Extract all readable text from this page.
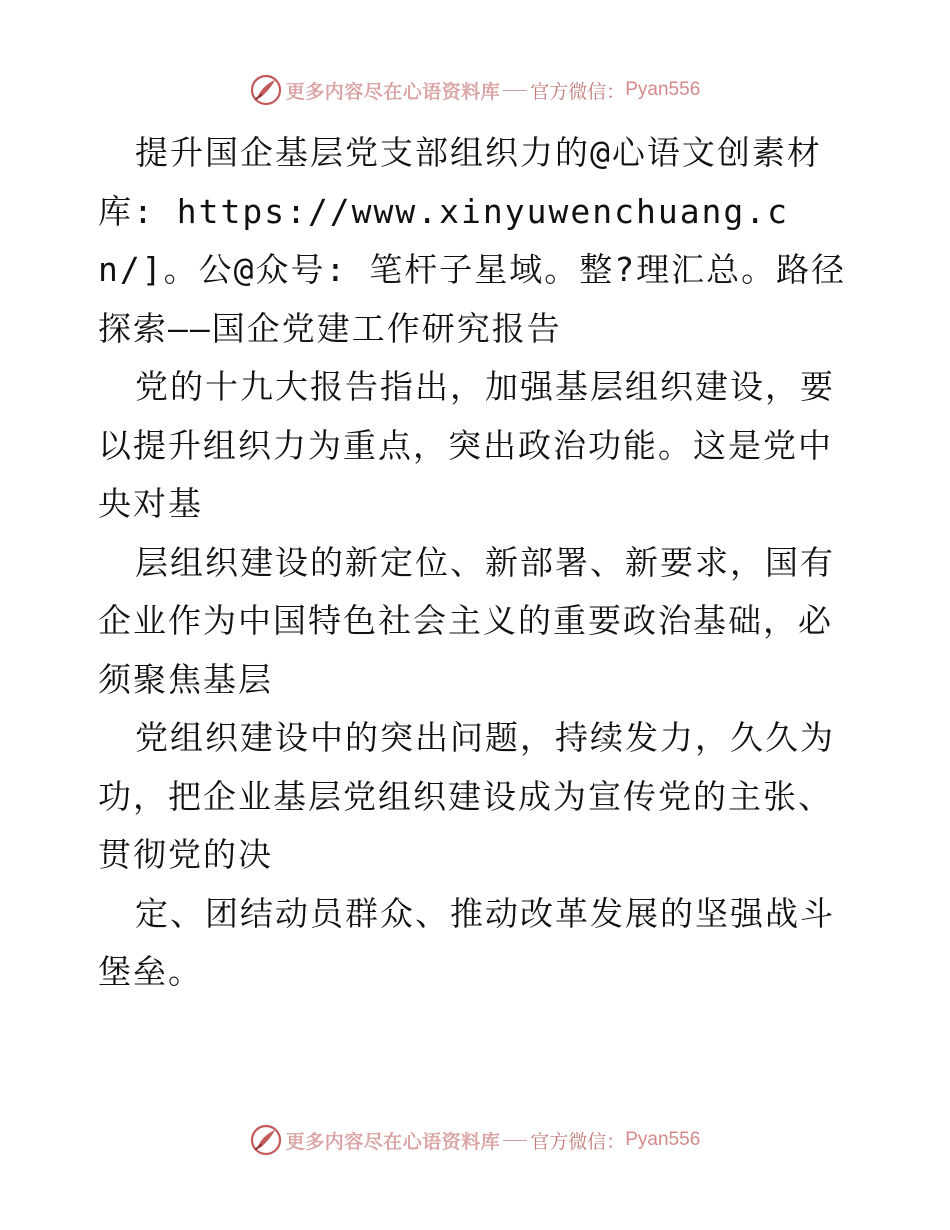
更多内容尽在心语资料库 官方微信： Pyan556

提升国企基层党支部组织力的@心语文创素材库: https://www.xinyuwenchuang.cn/]。公@众号: 笔杆子星域。整?理汇总。路径探索——国企党建工作研究报告

党的十九大报告指出，加强基层组织建设，要以提升组织力为重点，突出政治功能。这是党中央对基

层组织建设的新定位、新部署、新要求，国有企业作为中国特色社会主义的重要政治基础，必须聚焦基层

党组织建设中的突出问题，持续发力，久久为功，把企业基层党组织建设成为宣传党的主张、贯彻党的决

定、团结动员群众、推动改革发展的坚强战斗堡垒。

更多内容尽在心语资料库 官方微信： Pyan556
